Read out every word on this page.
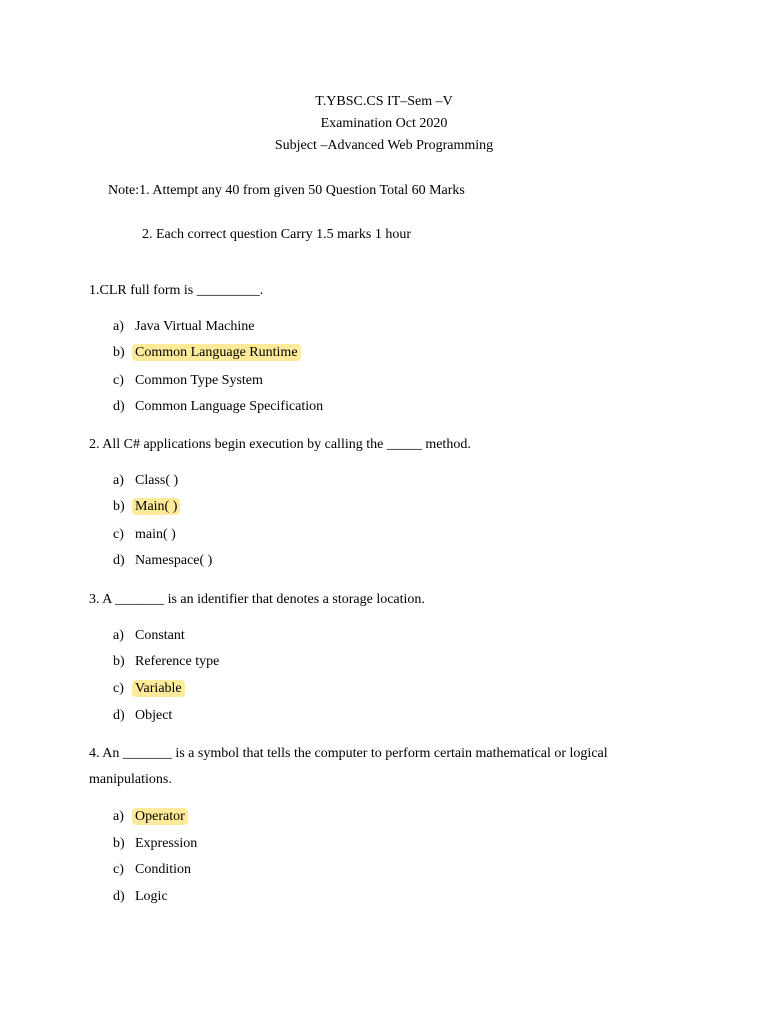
T.YBSC.CS IT–Sem –V
Examination Oct 2020
Subject –Advanced Web Programming
Note:1. Attempt any 40 from given 50 Question Total 60 Marks
2. Each correct question Carry 1.5 marks 1 hour
1.CLR full form is _________.
a) Java Virtual Machine
b) Common Language Runtime
c) Common Type System
d) Common Language Specification
2. All C# applications begin execution by calling the _____ method.
a) Class( )
b) Main( )
c) main( )
d) Namespace( )
3. A _______ is an identifier that denotes a storage location.
a) Constant
b) Reference type
c) Variable
d) Object
4. An _______ is a symbol that tells the computer to perform certain mathematical or logical
manipulations.
a) Operator
b) Expression
c) Condition
d) Logic
